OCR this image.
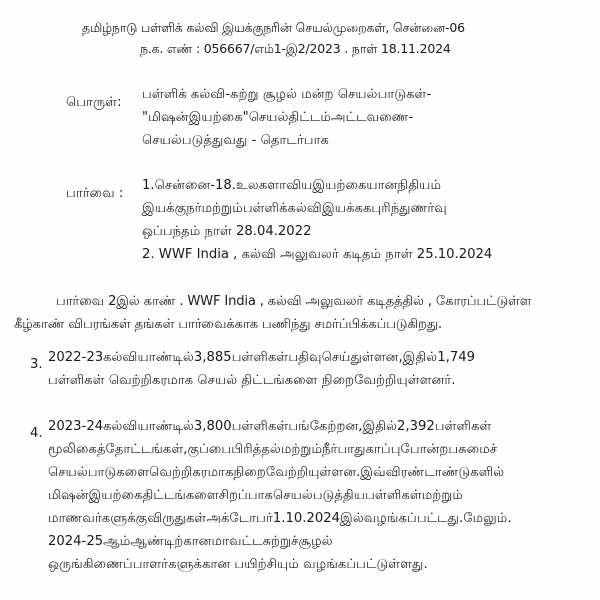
தமிழ்நாடு பள்ளிக் கல்வி இயக்குநரின் செயல்முறைகள், சென்னை-06
ந.க. எண் : 056667/எம்1-இ2/2023 . நாள் 18.11.2024
பொருள்:
பள்ளிக் கல்வி-சுற்று சூழல் மன்ற செயல்பாடுகள்-
"மிஷன்இயற்கை"செயல்திட்டம்அட்டவணை-
செயல்படுத்துவது - தொடர்பாக
பார்வை :
1.சென்னை-18.உலகளாவியஇயற்கையானநிதியம்
இயக்குநர்மற்றும்பள்ளிக்கல்விஇயக்ககபுரிந்துணர்வு
ஒப்பந்தம் நாள் 28.04.2022
2. WWF India , கல்வி அலுவலர் கடிதம் நாள் 25.10.2024
பார்வை 2இல் காண் . WWF India , கல்வி அலுவலர் கடிதத்தில் , கோரப்பட்டுள்ள
கீழ்காண் விபரங்கள் தங்கள் பார்வைக்காக பணிந்து சமர்ப்பிக்கப்படுகிறது.
3. 2022-23கல்வியாண்டில்3,885பள்ளிகள்பதிவுசெய்துள்ளன,இதில்1,749
பள்ளிகள் வெற்றிகரமாக செயல் திட்டங்களை நிறைவேற்றியுள்ளனர்.
4. 2023-24கல்வியாண்டில்3,800பள்ளிகள்பங்கேற்றன,இதில்2,392பள்ளிகள்
மூலிகைத்தோட்டங்கள்,குப்பைபிரித்தல்மற்றும்நீர்பாதுகாப்புபோன்றபசுமைச்
செயல்பாடுகளைவெற்றிகரமாகநிறைவேற்றியுள்ளன.இவ்விரண்டாண்டுகளில்
மிஷன்இயற்கைதிட்டங்களைசிறப்பாகசெயல்படுத்தியபள்ளிகள்மற்றும்
மாணவர்களுக்குவிருதுகள்அக்டோபர்1.10.2024இல்வழங்கப்பட்டது.மேலும்.
2024-25ஆம்ஆண்டிற்கானமாவட்டசுற்றுச்சூழல்
ஒருங்கிணைப்பாளர்களுக்கான பயிற்சியும் வழங்கப்பட்டுள்ளது.
